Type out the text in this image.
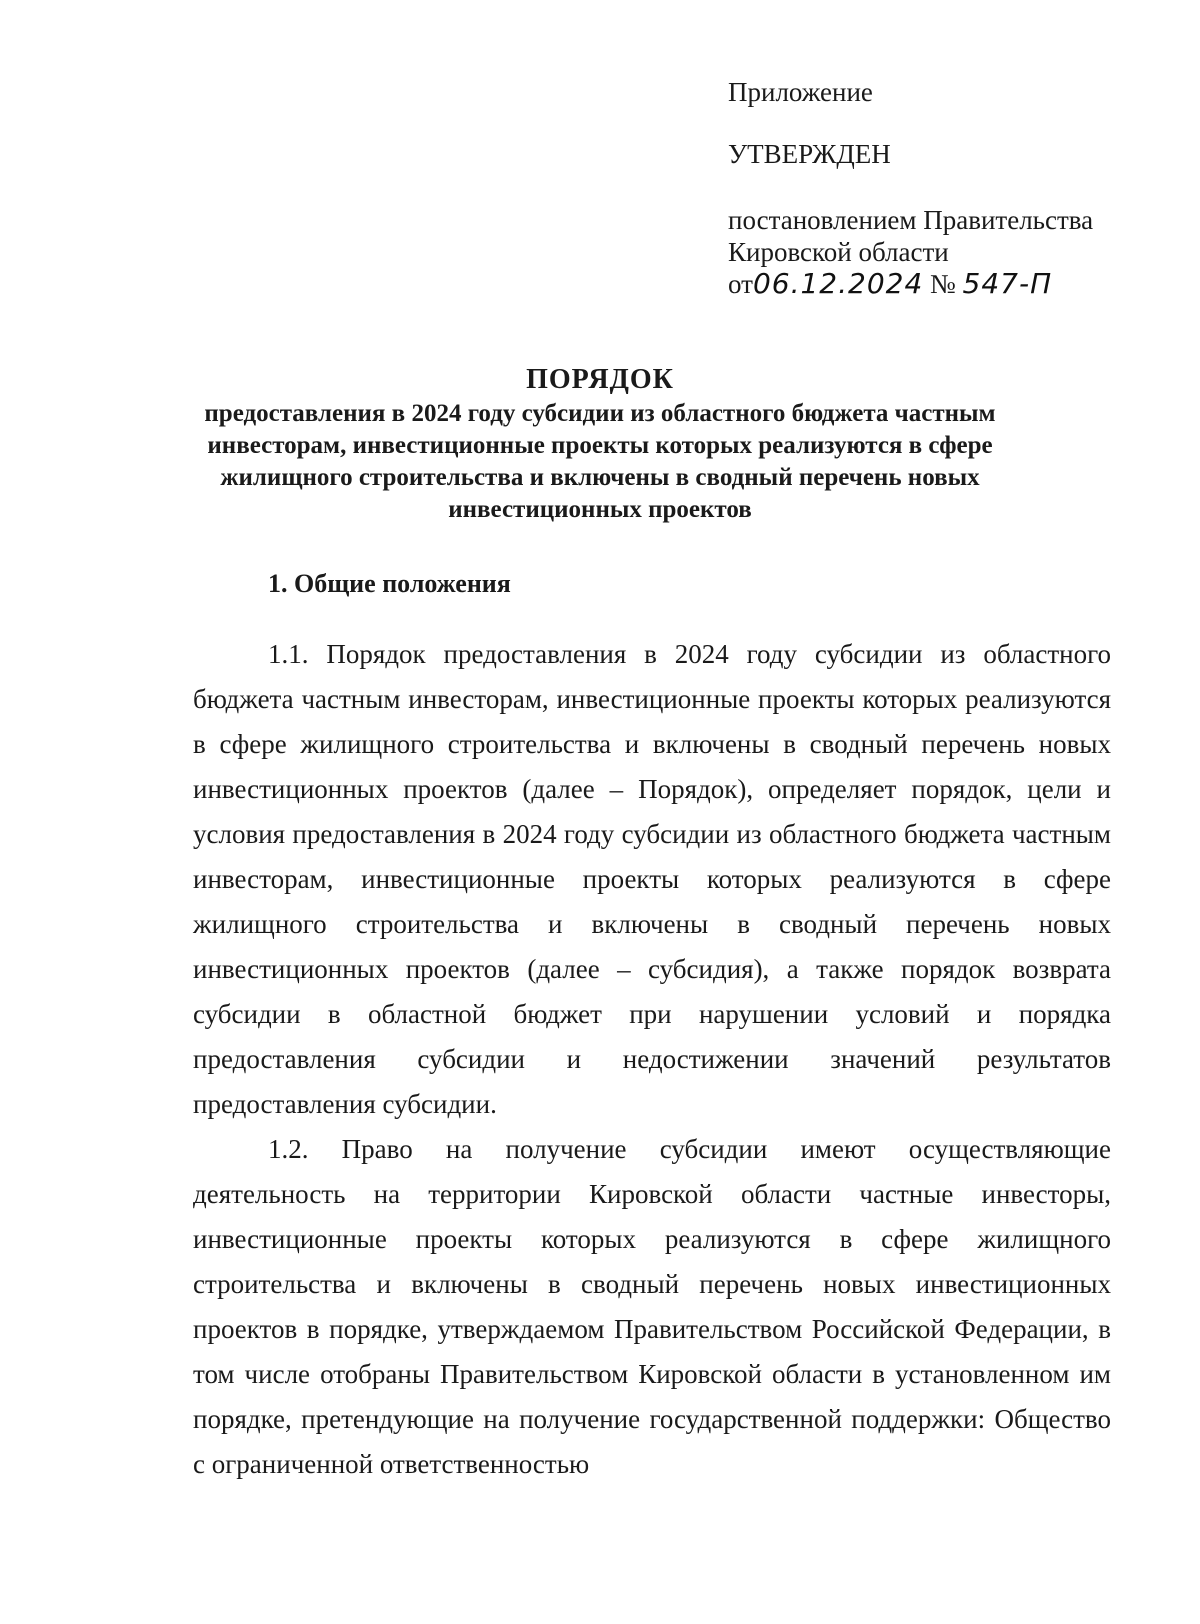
Приложение
УТВЕРЖДЕН
постановлением Правительства
Кировской области
от06.12.2024 № 547-П
ПОРЯДОК
предоставления в 2024 году субсидии из областного бюджета частным инвесторам, инвестиционные проекты которых реализуются в сфере жилищного строительства и включены в сводный перечень новых инвестиционных проектов
1. Общие положения

1.1. Порядок предоставления в 2024 году субсидии из областного бюджета частным инвесторам, инвестиционные проекты которых реализуются в сфере жилищного строительства и включены в сводный перечень новых инвестиционных проектов (далее – Порядок), определяет порядок, цели и условия предоставления в 2024 году субсидии из областного бюджета частным инвесторам, инвестиционные проекты которых реализуются в сфере жилищного строительства и включены в сводный перечень новых инвестиционных проектов (далее – субсидия), а также порядок возврата субсидии в областной бюджет при нарушении условий и порядка предоставления субсидии и недостижении значений результатов предоставления субсидии.

1.2. Право на получение субсидии имеют осуществляющие деятельность на территории Кировской области частные инвесторы, инвестиционные проекты которых реализуются в сфере жилищного строительства и включены в сводный перечень новых инвестиционных проектов в порядке, утверждаемом Правительством Российской Федерации, в том числе отобраны Правительством Кировской области в установленном им порядке, претендующие на получение государственной поддержки: Общество с ограниченной ответственностью
